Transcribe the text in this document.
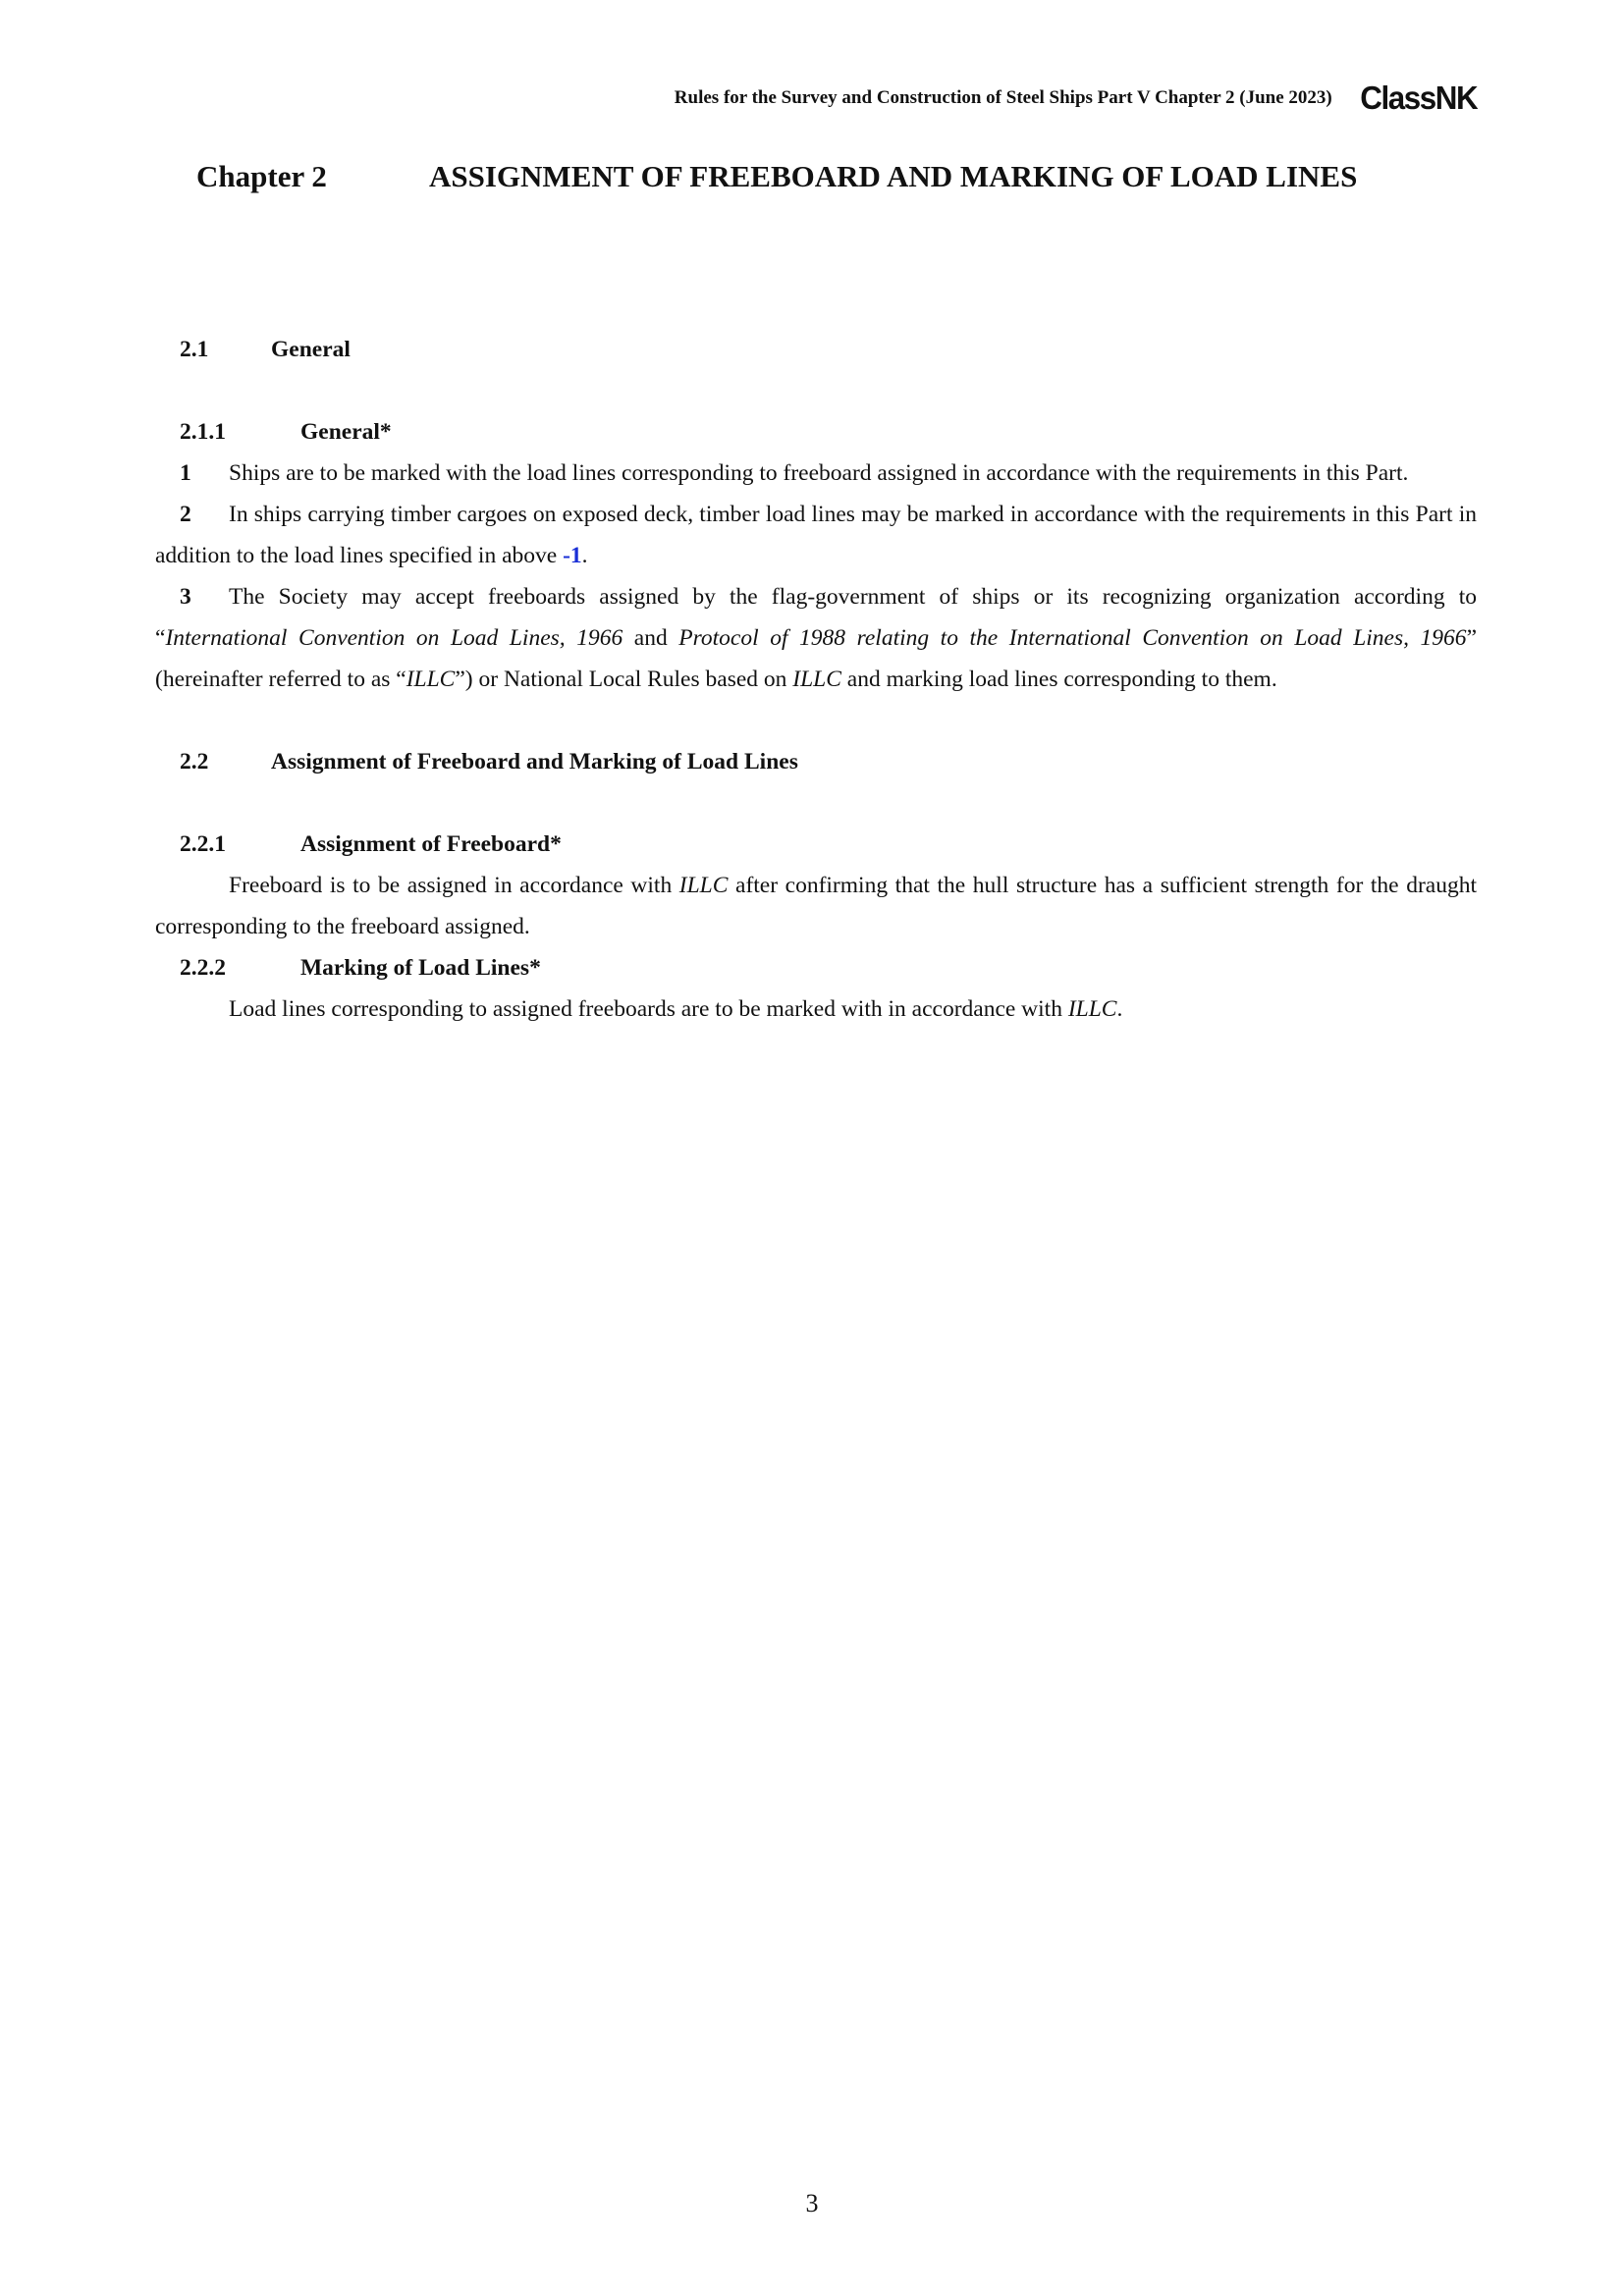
Rules for the Survey and Construction of Steel Ships Part V Chapter 2 (June 2023) ClassNK
Chapter 2	ASSIGNMENT OF FREEBOARD AND MARKING OF LOAD LINES
2.1	General
2.1.1	General*
1 Ships are to be marked with the load lines corresponding to freeboard assigned in accordance with the requirements in this Part.
2 In ships carrying timber cargoes on exposed deck, timber load lines may be marked in accordance with the requirements in this Part in addition to the load lines specified in above -1.
3 The Society may accept freeboards assigned by the flag-government of ships or its recognizing organization according to “International Convention on Load Lines, 1966 and Protocol of 1988 relating to the International Convention on Load Lines, 1966” (hereinafter referred to as “ILLC”) or National Local Rules based on ILLC and marking load lines corresponding to them.
2.2	Assignment of Freeboard and Marking of Load Lines
2.2.1	Assignment of Freeboard*
Freeboard is to be assigned in accordance with ILLC after confirming that the hull structure has a sufficient strength for the draught corresponding to the freeboard assigned.
2.2.2	Marking of Load Lines*
Load lines corresponding to assigned freeboards are to be marked with in accordance with ILLC.
3
